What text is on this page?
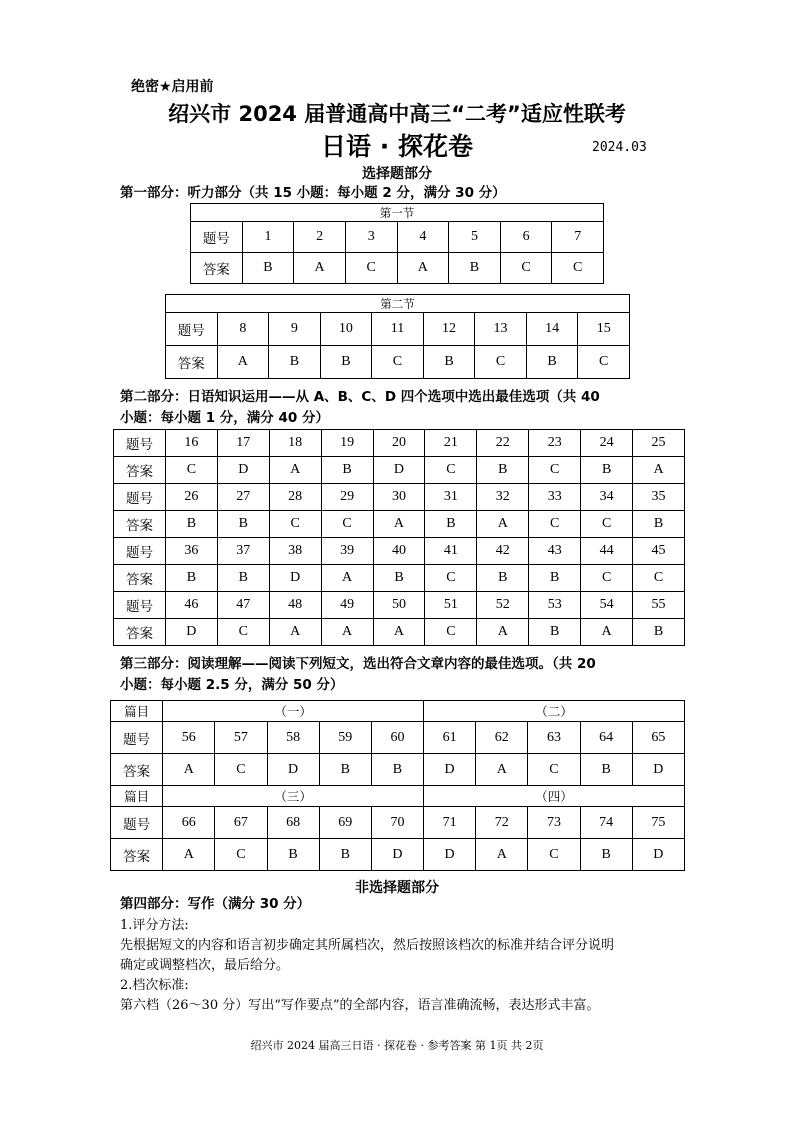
绝密★启用前
绍兴市 2024 届普通高中高三“二考”适应性联考
日语 · 探花卷	2024.03
选择题部分
第一部分：听力部分（共 15 小题：每小题 2 分，满分 30 分）
第一节							
题号	1	2	3	4	5	6	7
答案	B	A	C	A	B	C	C
第二节								
题号	8	9	10	11	12	13	14	15
答案	A	B	B	C	B	C	B	C
第二部分：日语知识运用——从 A、B、C、D 四个选项中选出最佳选项（共 40
小题：每小题 1 分，满分 40 分）
题号	16	17	18	19	20	21	22	23	24	25
答案	C	D	A	B	D	C	B	C	B	A
题号	26	27	28	29	30	31	32	33	34	35
答案	B	B	C	C	A	B	A	C	C	B
题号	36	37	38	39	40	41	42	43	44	45
答案	B	B	D	A	B	C	B	B	C	C
题号	46	47	48	49	50	51	52	53	54	55
答案	D	C	A	A	A	C	A	B	A	B
第三部分：阅读理解——阅读下列短文，选出符合文章内容的最佳选项。（共 20
小题：每小题 2.5 分，满分 50 分）
篇目	（一）					（二）				
题号	56	57	58	59	60	61	62	63	64	65
答案	A	C	D	B	B	D	A	C	B	D
篇目	（三）					（四）				
题号	66	67	68	69	70	71	72	73	74	75
答案	A	C	B	B	D	D	A	C	B	D
非选择题部分
第四部分：写作（满分 30 分）
1.评分方法:
先根据短文的内容和语言初步确定其所属档次，然后按照该档次的标准并结合评分说明
确定或调整档次，最后给分。
2.档次标准:
第六档（26～30 分）写出“写作要点”的全部内容，语言准确流畅，表达形式丰富。
绍兴市 2024 届高三日语 · 探花卷 · 参考答案 第 1页 共 2页
